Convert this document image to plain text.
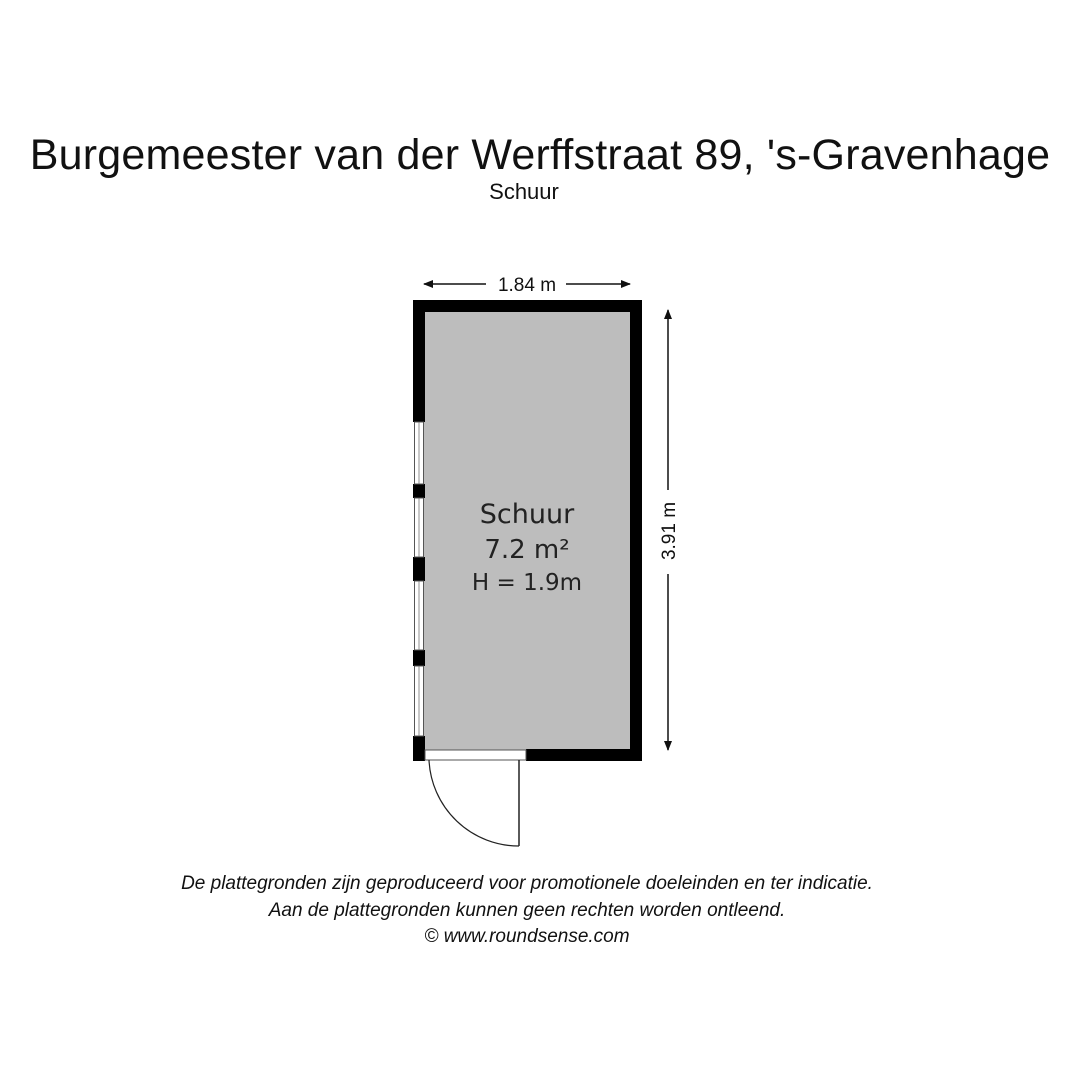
Burgemeester van der Werffstraat 89, 's-Gravenhage
Schuur
1.84 m
3.91 m
Schuur
7.2 m²
H = 1.9m
De plattegronden zijn geproduceerd voor promotionele doeleinden en ter indicatie.
Aan de plattegronden kunnen geen rechten worden ontleend.
© www.roundsense.com
